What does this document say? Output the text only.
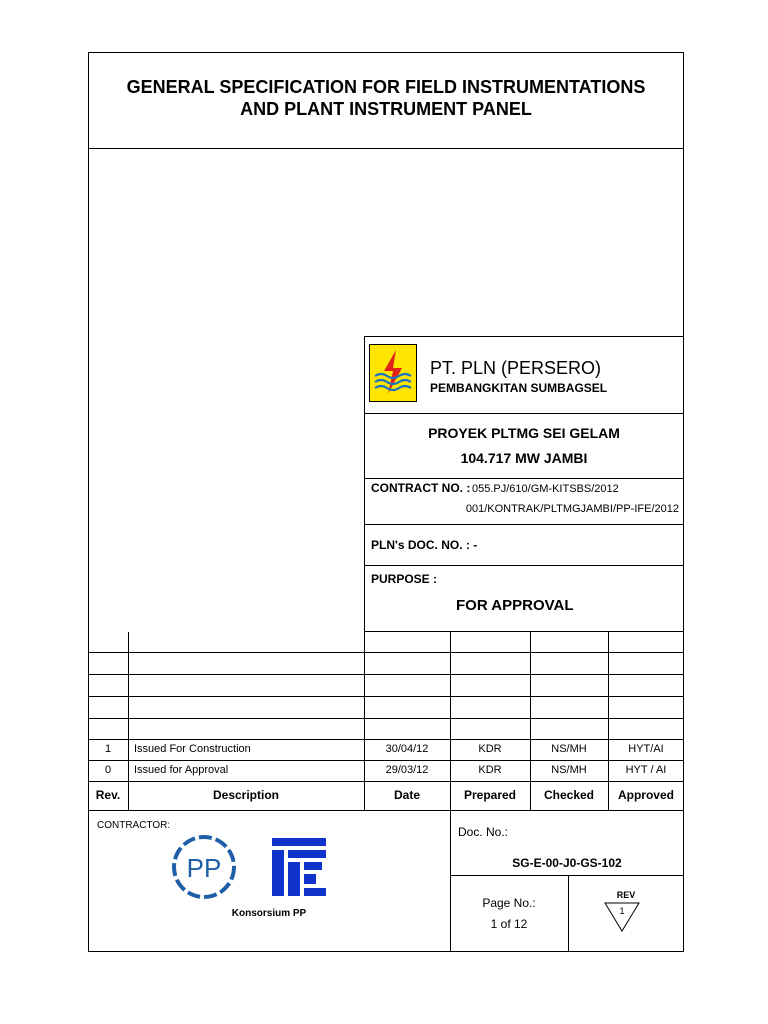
GENERAL SPECIFICATION FOR FIELD INSTRUMENTATIONS
AND PLANT INSTRUMENT PANEL
PT. PLN (PERSERO)
PEMBANGKITAN SUMBAGSEL
PROYEK PLTMG SEI GELAM
104.717 MW JAMBI
CONTRACT NO. : 055.PJ/610/GM-KITSBS/2012
001/KONTRAK/PLTMGJAMBI/PP-IFE/2012
PLN's DOC. NO. : -
PURPOSE :
FOR APPROVAL
1	Issued For Construction	30/04/12	KDR	NS/MH	HYT/AI
0	Issued for Approval	29/03/12	KDR	NS/MH	HYT / AI
Rev.	Description	Date	Prepared	Checked	Approved
CONTRACTOR:
PP
Konsorsium PP
Doc. No.:
SG-E-00-J0-GS-102
Page No.:
1 of 12
REV
1
